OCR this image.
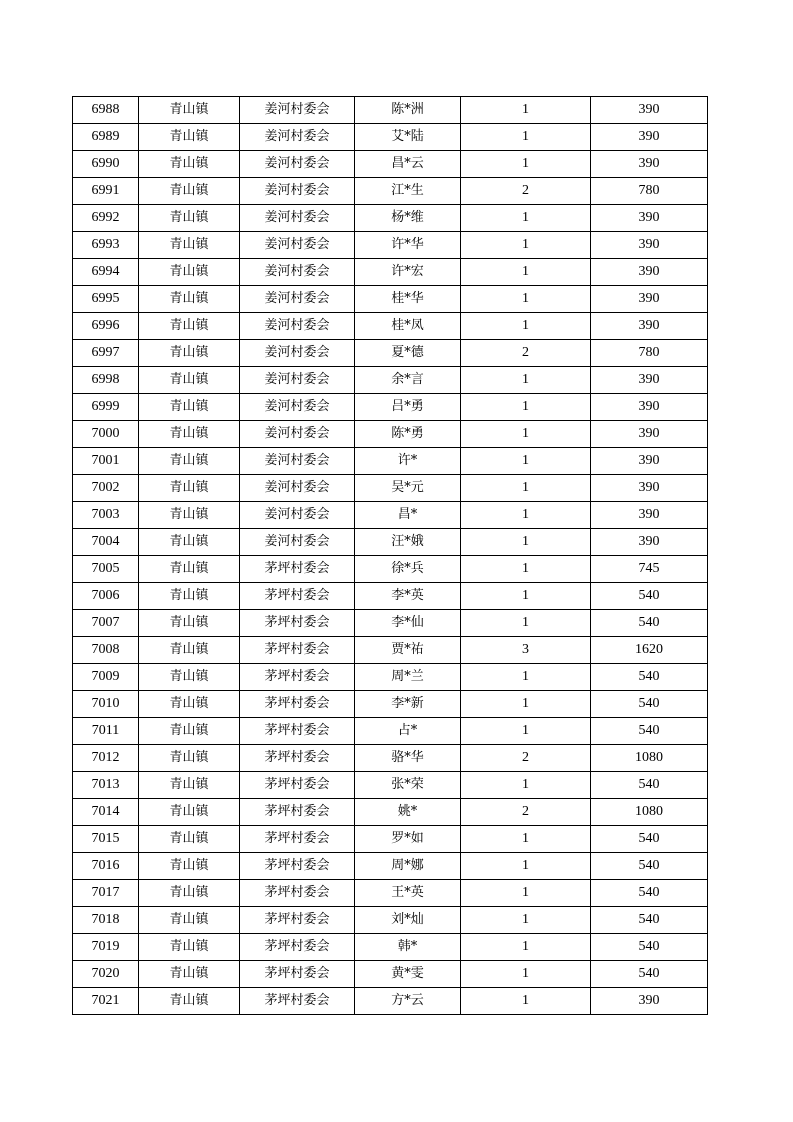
6988	青山镇	姜河村委会	陈*洲	1	390
6989	青山镇	姜河村委会	艾*陆	1	390
6990	青山镇	姜河村委会	昌*云	1	390
6991	青山镇	姜河村委会	江*生	2	780
6992	青山镇	姜河村委会	杨*维	1	390
6993	青山镇	姜河村委会	许*华	1	390
6994	青山镇	姜河村委会	许*宏	1	390
6995	青山镇	姜河村委会	桂*华	1	390
6996	青山镇	姜河村委会	桂*凤	1	390
6997	青山镇	姜河村委会	夏*德	2	780
6998	青山镇	姜河村委会	余*言	1	390
6999	青山镇	姜河村委会	吕*勇	1	390
7000	青山镇	姜河村委会	陈*勇	1	390
7001	青山镇	姜河村委会	许*	1	390
7002	青山镇	姜河村委会	吴*元	1	390
7003	青山镇	姜河村委会	昌*	1	390
7004	青山镇	姜河村委会	汪*娥	1	390
7005	青山镇	茅坪村委会	徐*兵	1	745
7006	青山镇	茅坪村委会	李*英	1	540
7007	青山镇	茅坪村委会	李*仙	1	540
7008	青山镇	茅坪村委会	贾*祐	3	1620
7009	青山镇	茅坪村委会	周*兰	1	540
7010	青山镇	茅坪村委会	李*新	1	540
7011	青山镇	茅坪村委会	占*	1	540
7012	青山镇	茅坪村委会	骆*华	2	1080
7013	青山镇	茅坪村委会	张*荣	1	540
7014	青山镇	茅坪村委会	姚*	2	1080
7015	青山镇	茅坪村委会	罗*如	1	540
7016	青山镇	茅坪村委会	周*娜	1	540
7017	青山镇	茅坪村委会	王*英	1	540
7018	青山镇	茅坪村委会	刘*灿	1	540
7019	青山镇	茅坪村委会	韩*	1	540
7020	青山镇	茅坪村委会	黄*雯	1	540
7021	青山镇	茅坪村委会	方*云	1	390
